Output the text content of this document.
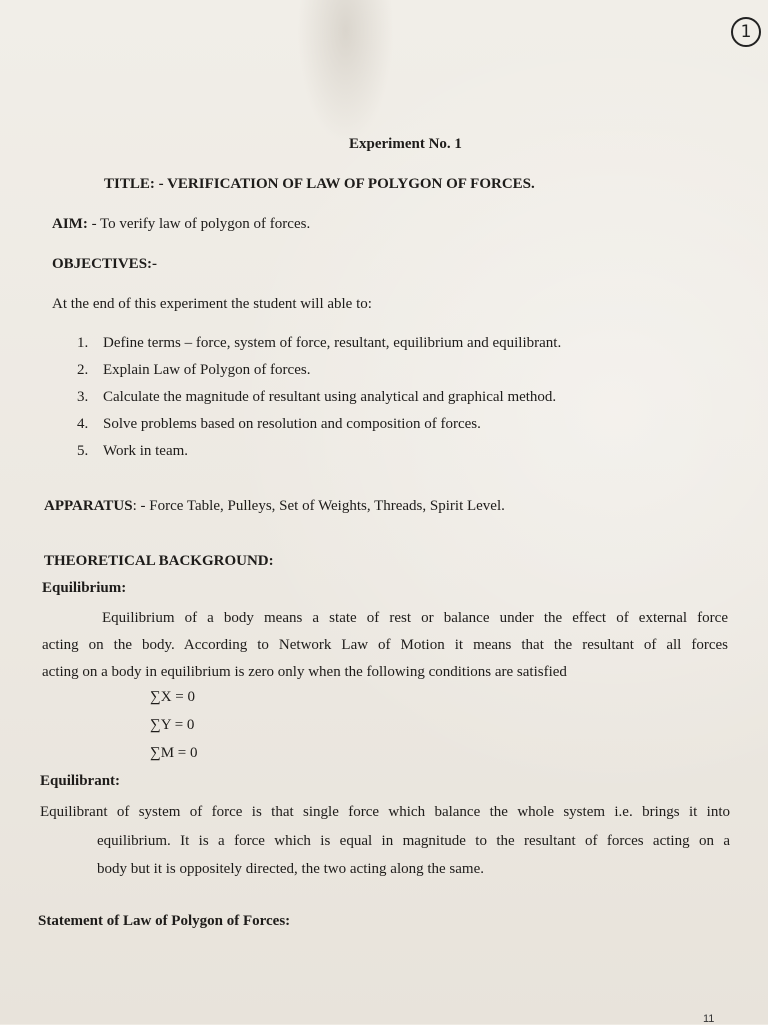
1
Experiment No. 1
TITLE: - VERIFICATION OF LAW OF POLYGON OF FORCES.
AIM: - To verify law of polygon of forces.
OBJECTIVES:-
At the end of this experiment the student will able to:
1. Define terms – force, system of force, resultant, equilibrium and equilibrant.
2. Explain Law of Polygon of forces.
3. Calculate the magnitude of resultant using analytical and graphical method.
4. Solve problems based on resolution and composition of forces.
5. Work in team.
APPARATUS: - Force Table, Pulleys, Set of Weights, Threads, Spirit Level.
THEORETICAL BACKGROUND:
Equilibrium:
Equilibrium of a body means a state of rest or balance under the effect of external force
acting on the body. According to Network Law of Motion it means that the resultant of all forces
acting on a body in equilibrium is zero only when the following conditions are satisfied
∑X = 0
∑Y = 0
∑M = 0
Equilibrant:
Equilibrant of system of force is that single force which balance the whole system i.e. brings it into
equilibrium. It is a force which is equal in magnitude to the resultant of forces acting on a
body but it is oppositely directed, the two acting along the same.
Statement of Law of Polygon of Forces:
11
